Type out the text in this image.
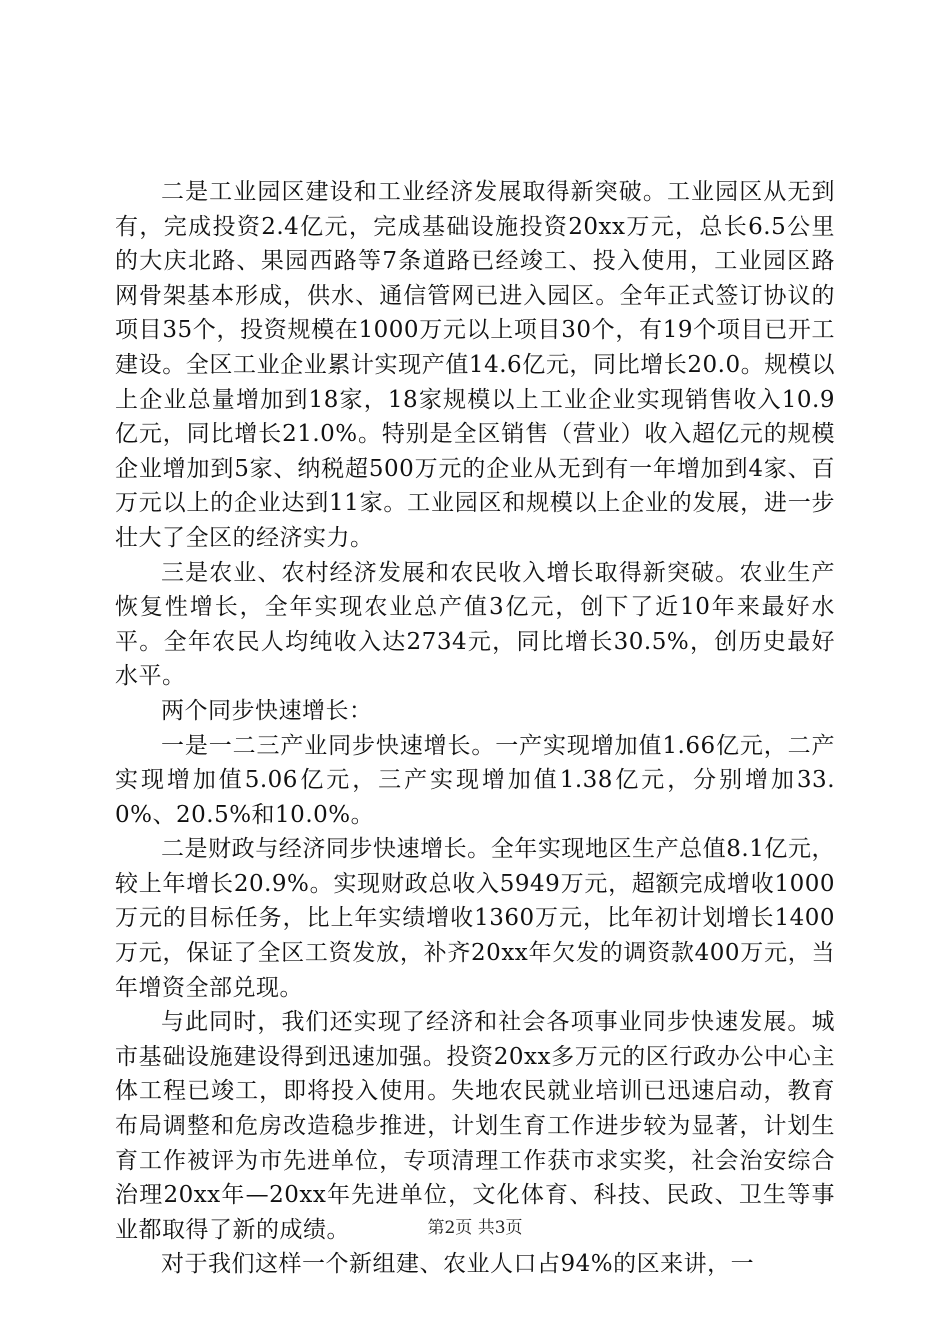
二是工业园区建设和工业经济发展取得新突破。工业园区从无到有，完成投资2.4亿元，完成基础设施投资20xx万元，总长6.5公里的大庆北路、果园西路等7条道路已经竣工、投入使用，工业园区路网骨架基本形成，供水、通信管网已进入园区。全年正式签订协议的项目35个，投资规模在1000万元以上项目30个，有19个项目已开工建设。全区工业企业累计实现产值14.6亿元，同比增长20.0。规模以上企业总量增加到18家，18家规模以上工业企业实现销售收入10.9亿元，同比增长21.0%。特别是全区销售（营业）收入超亿元的规模企业增加到5家、纳税超500万元的企业从无到有一年增加到4家、百万元以上的企业达到11家。工业园区和规模以上企业的发展，进一步壮大了全区的经济实力。

三是农业、农村经济发展和农民收入增长取得新突破。农业生产恢复性增长，全年实现农业总产值3亿元，创下了近10年来最好水平。全年农民人均纯收入达2734元，同比增长30.5%，创历史最好水平。

两个同步快速增长：

一是一二三产业同步快速增长。一产实现增加值1.66亿元，二产实现增加值5.06亿元，三产实现增加值1.38亿元，分别增加33.0%、20.5%和10.0%。

二是财政与经济同步快速增长。全年实现地区生产总值8.1亿元，较上年增长20.9%。实现财政总收入5949万元，超额完成增收1000万元的目标任务，比上年实绩增收1360万元，比年初计划增长1400万元，保证了全区工资发放，补齐20xx年欠发的调资款400万元，当年增资全部兑现。

与此同时，我们还实现了经济和社会各项事业同步快速发展。城市基础设施建设得到迅速加强。投资20xx多万元的区行政办公中心主体工程已竣工，即将投入使用。失地农民就业培训已迅速启动，教育布局调整和危房改造稳步推进，计划生育工作进步较为显著，计划生育工作被评为市先进单位，专项清理工作获市求实奖，社会治安综合治理20xx年—20xx年先进单位，文化体育、科技、民政、卫生等事业都取得了新的成绩。

对于我们这样一个新组建、农业人口占94%的区来讲，一

第2页 共3页
